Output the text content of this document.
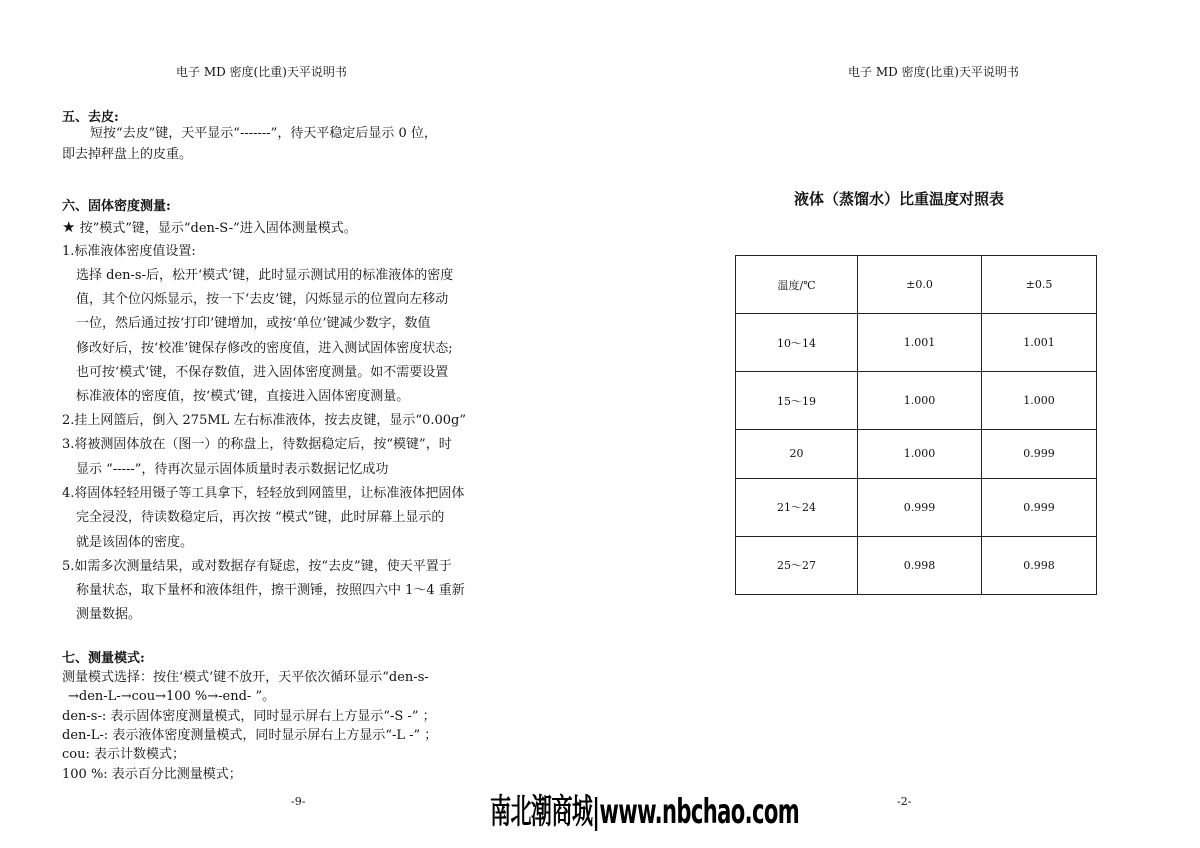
电子 MD 密度(比重)天平说明书
五、去皮:
短按“去皮”键，天平显示“-------”，待天平稳定后显示 0 位，
即去掉秤盘上的皮重。
六、固体密度测量:
★ 按”模式”键，显示“den-S-”进入固体测量模式。
1.标准液体密度值设置:
选择 den-s-后，松开‘模式’键，此时显示测试用的标准液体的密度
值，其个位闪烁显示，按一下‘去皮’键，闪烁显示的位置向左移动
一位，然后通过按‘打印’键增加，或按‘单位’键减少数字，数值
修改好后，按‘校准’键保存修改的密度值，进入测试固体密度状态;
也可按‘模式’键，不保存数值，进入固体密度测量。如不需要设置
标准液体的密度值，按‘模式’键，直接进入固体密度测量。
2.挂上网篮后，倒入 275ML 左右标准液体，按去皮键，显示“0.00g”
3.将被测固体放在（图一）的称盘上，待数据稳定后，按“模键”，时
显示 “-----”，待再次显示固体质量时表示数据记忆成功
4.将固体轻轻用镊子等工具拿下，轻轻放到网篮里，让标准液体把固体
完全浸没，待读数稳定后，再次按 “模式”键，此时屏幕上显示的
就是该固体的密度。
5.如需多次测量结果，或对数据存有疑虑，按“去皮”键，使天平置于
称量状态，取下量杯和液体组件，擦干测锤，按照四六中 1～4 重新
测量数据。
七、测量模式:
测量模式选择：按住‘模式’键不放开，天平依次循环显示“den-s-
→den-L-→cou→100 %→-end- ”。
den-s-: 表示固体密度测量模式，同时显示屏右上方显示“-S -” ；
den-L-: 表示液体密度测量模式，同时显示屏右上方显示“-L -” ；
cou: 表示计数模式；
100 %: 表示百分比测量模式；
-9-
电子 MD 密度(比重)天平说明书
液体（蒸馏水）比重温度对照表
温度/℃	±0.0	±0.5
10～14	1.001	1.001
15～19	1.000	1.000
20	1.000	0.999
21～24	0.999	0.999
25～27	0.998	0.998
-2-
南北潮商城|www.nbchao.com
